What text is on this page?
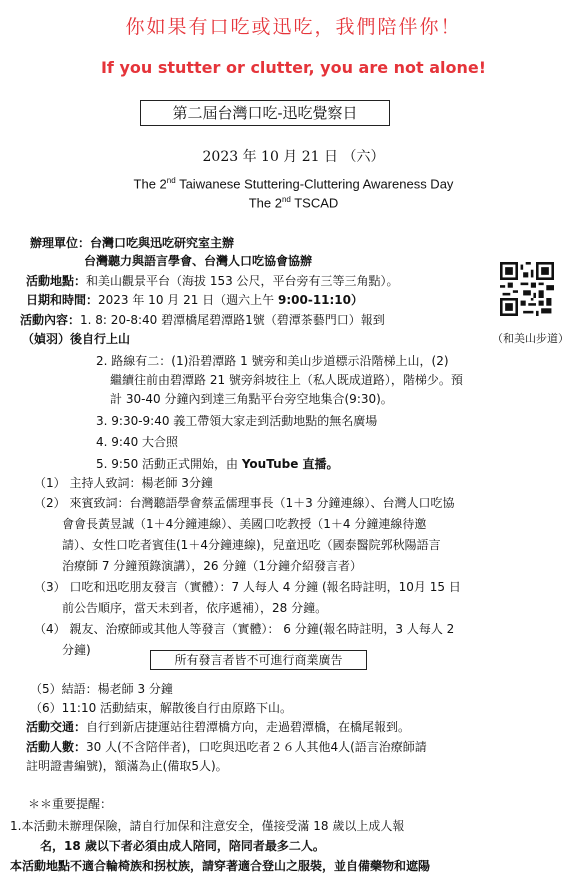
你如果有口吃或迅吃，我們陪伴你！
If you stutter or clutter, you are not alone!
第二屆台灣口吃-迅吃覺察日
2023 年 10 月 21 日 （六）
The 2nd Taiwanese Stuttering-Cluttering Awareness Day
The 2nd TSCAD
辦理單位：台灣口吃與迅吃研究室主辦
台灣聽力與語言學會、台灣人口吃協會協辦
活動地點：和美山觀景平台（海拔 153 公尺，平台旁有三等三角點）。
日期和時間：2023 年 10 月 21 日（週六上午 9:00-11:10）
活動內容：1. 8: 20-8:40 碧潭橋尾碧潭路1號（碧潭茶藝門口）報到
（媜羽）後自行上山
2. 路線有二：(1)沿碧潭路 1 號旁和美山步道標示沿階梯上山，(2)
繼續往前由碧潭路 21 號旁斜坡往上（私人既成道路），階梯少。預
計 30-40 分鐘內到達三角點平台旁空地集合(9:30)。
3. 9:30-9:40 義工帶領大家走到活動地點的無名廣場
4. 9:40 大合照
5. 9:50 活動正式開始，由 YouTube 直播。
（和美山步道）
（1） 主持人致詞：楊老師 3分鐘
（2） 來賓致詞：台灣聽語學會蔡孟儒理事長（1＋3 分鐘連線）、台灣人口吃協
會會長黃昱誠（1＋4分鐘連線）、美國口吃教授（1＋4 分鐘連線待邀
請）、女性口吃者賓佳(1＋4分鐘連線)，兒童迅吃（國泰醫院郭秋陽語言
治療師 7 分鐘預錄演講），26 分鐘（1分鐘介紹發言者）
（3） 口吃和迅吃朋友發言（實體）：7 人每人 4 分鐘 (報名時註明，10月 15 日
前公告順序，當天未到者，依序遞補），28 分鐘。
（4） 親友、治療師或其他人等發言（實體）： 6 分鐘(報名時註明，3 人每人 2
分鐘)
所有發言者皆不可進行商業廣告
（5）結語：楊老師 3 分鐘
（6）11:10 活動結束，解散後自行由原路下山。
活動交通：自行到新店捷運站往碧潭橋方向，走過碧潭橋，在橋尾報到。
活動人數：30 人(不含陪伴者)，口吃與迅吃者２６人其他4人(語言治療師請
註明證書編號)，額滿為止(備取5人)。
＊＊重要提醒：
1.本活動未辦理保險，請自行加保和注意安全，僅接受滿 18 歲以上成人報
名，18 歲以下者必須由成人陪同，陪同者最多二人。
本活動地點不適合輪椅族和拐杖族，請穿著適合登山之服裝，並自備藥物和遮陽
